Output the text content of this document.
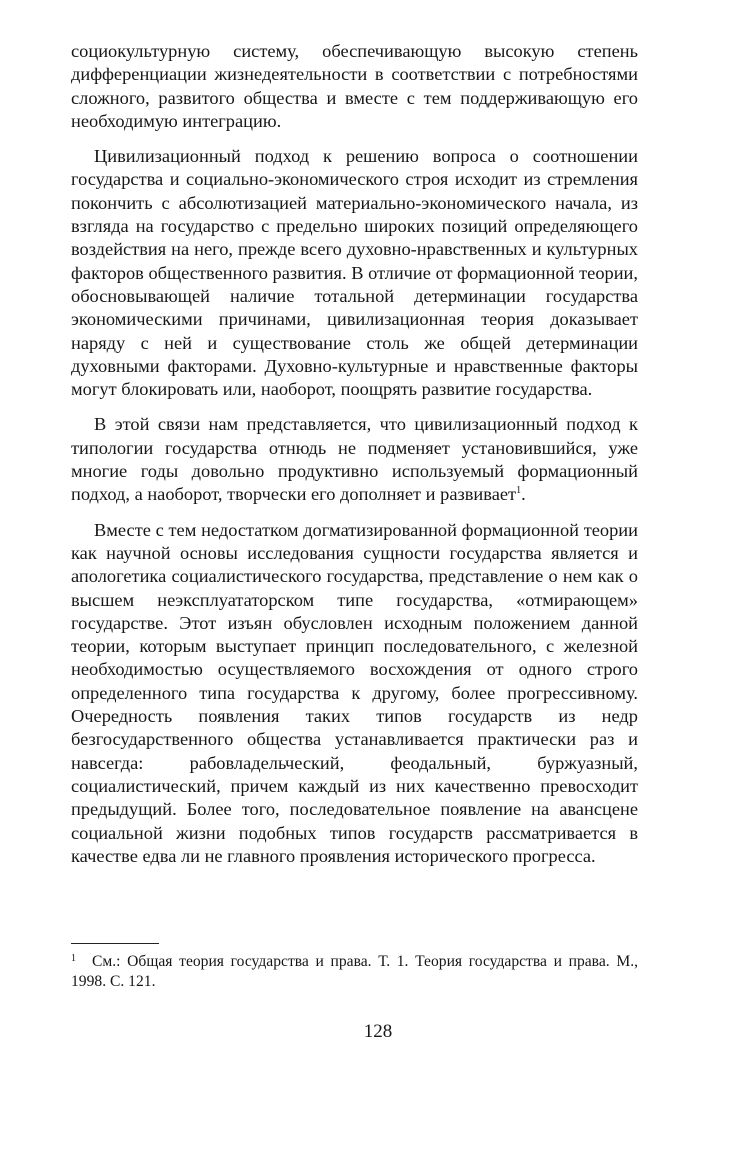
социокультурную систему, обеспечивающую высокую степень дифференциации жизнедеятельности в соответствии с потребностями сложного, развитого общества и вместе с тем поддерживающую его необходимую интеграцию.

Цивилизационный подход к решению вопроса о соотношении государства и социально-экономического строя исходит из стремления покончить с абсолютизацией материально-экономического начала, из взгляда на государство с предельно широких позиций определяющего воздействия на него, прежде всего духовно-нравственных и культурных факторов общественного развития. В отличие от формационной теории, обосновывающей наличие тотальной детерминации государства экономическими причинами, цивилизационная теория доказывает наряду с ней и существование столь же общей детерминации духовными факторами. Духовно-культурные и нравственные факторы могут блокировать или, наоборот, поощрять развитие государства.

В этой связи нам представляется, что цивилизационный подход к типологии государства отнюдь не подменяет установившийся, уже многие годы довольно продуктивно используемый формационный подход, а наоборот, творчески его дополняет и развивает$^1$.

Вместе с тем недостатком догматизированной формационной теории как научной основы исследования сущности государства является и апологетика социалистического государства, представление о нем как о высшем неэксплуататорском типе государства, «отмирающем» государстве. Этот изъян обусловлен исходным положением данной теории, которым выступает принцип последовательного, с железной необходимостью осуществляемого восхождения от одного строго определенного типа государства к другому, более прогрессивному. Очередность появления таких типов государств из недр безгосударственного общества устанавливается практически раз и навсегда: рабовладельческий, феодальный, буржуазный, социалистический, причем каждый из них качественно превосходит предыдущий. Более того, последовательное появление на авансцене социальной жизни подобных типов государств рассматривается в качестве едва ли не главного проявления исторического прогресса.

1 См.: Общая теория государства и права. Т. 1. Теория государства и права. М., 1998. С. 121.
128
